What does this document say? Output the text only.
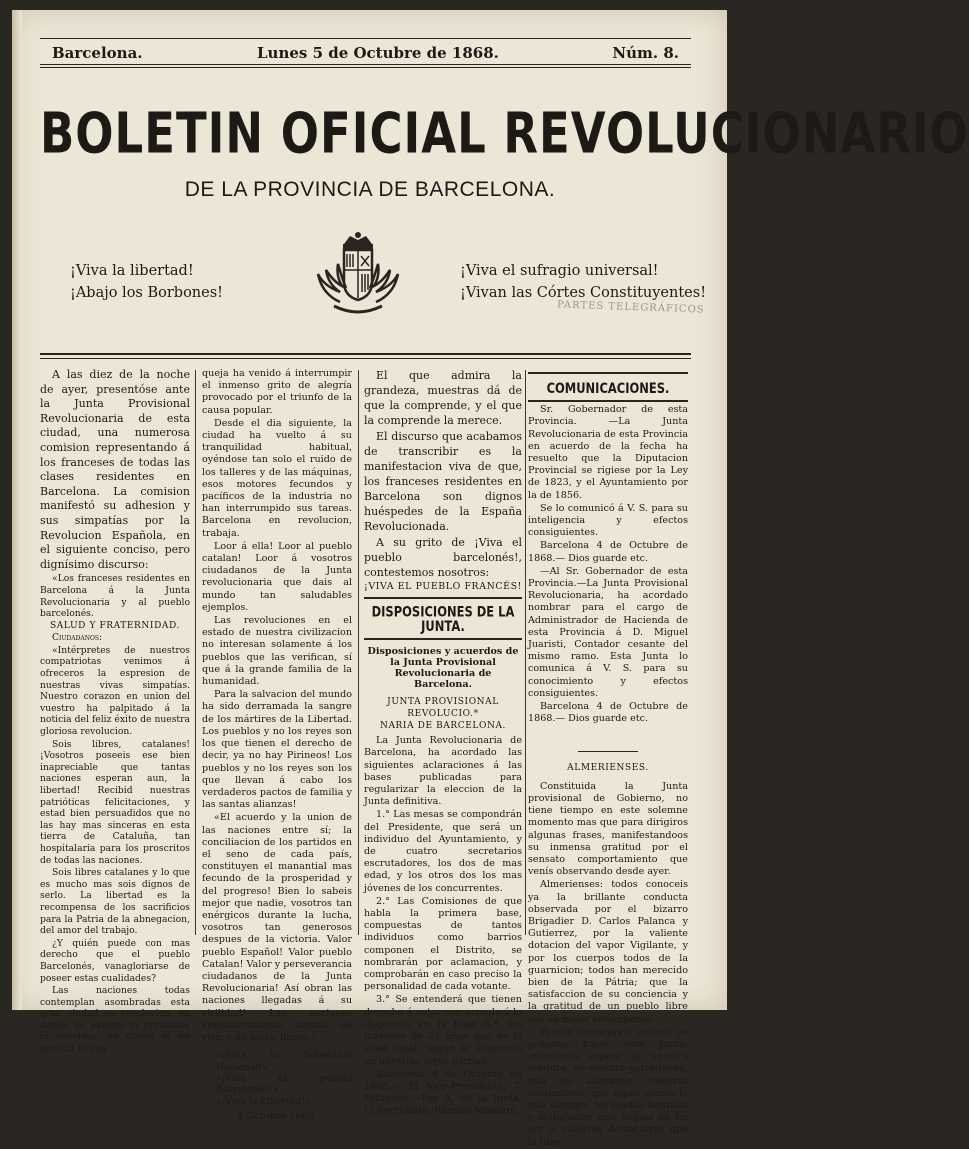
Barcelona.	Lunes 5 de Octubre de 1868.	Núm. 8.
BOLETIN OFICIAL REVOLUCIONARIO
DE LA PROVINCIA DE BARCELONA.
¡Viva la libertad!
¡Abajo los Borbones!
¡Viva el sufragio universal!
¡Vivan las Córtes Constituyentes!
PARTES TELEGRÁFICOS

A las diez de la noche de ayer, presentóse ante la Junta Provisional Revolucionaria de esta ciudad, una numerosa comision representando á los franceses de todas las clases residentes en Barcelona. La comision manifestó su adhesion y sus simpatías por la Revolucion Española, en el siguiente conciso, pero dignísimo discurso:

«Los franceses residentes en Barcelona á la Junta Revolucionaria y al pueblo barcelonés.

SALUD Y FRATERNIDAD.

Ciudadanos:

«Intérpretes de nuestros compatriotas venimos á ofreceros la espresion de nuestras vivas simpatías. Nuestro corazon en union del vuestro ha palpitado á la noticia del feliz éxito de nuestra gloriosa revolucion.

Sois libres, catalanes! ¡Vosotros poseeis ese bien inapreciable que tantas naciones esperan aun, la libertad! Recibid nuestras patrióticas felicitaciones, y estad bien persuadidos que no las hay mas sinceras en esta tierra de Cataluña, tan hospitalaria para los proscritos de todas las naciones.

Sois libres catalanes y lo que es mucho mas sois dignos de serlo. La libertad es la recompensa de los sacrificios para la Patria de la abnegacion, del amor del trabajo.

¿Y quién puede con mas derecho que el pueblo Barcelonés, vanagloriarse de poseer estas cualidades?

Las naciones todas contemplan asombradas esta gran ciudad en revolucion, en donde no existen ni oprimidos ni vencidos, en donde ni un gemido ni una

queja ha venido á interrumpir el inmenso grito de alegría provocado por el triunfo de la causa popular.

Desde el dia siguiente, la ciudad ha vuelto á su tranquilidad habitual, oyéndose tan solo el ruido de los talleres y de las máquinas, esos motores fecundos y pacíficos de la industria no han interrumpido sus tareas. Barcelona en revolucion, trabaja.

Loor á ella! Loor al pueblo catalan! Loor á vosotros ciudadanos de la Junta revolucionaria que dais al mundo tan saludables ejemplos.

Las revoluciones en el estado de nuestra civilizacion no interesan solamente á los pueblos que las verifican, sí que á la grande familia de la humanidad.

Para la salvacion del mundo ha sido derramada la sangre de los mártires de la Libertad. Los pueblos y no los reyes son los que tienen el derecho de decir, ya no hay Pirineos! Los pueblos y no los reyes son los que llevan á cabo los verdaderos pactos de familia y las santas alianzas!

«El acuerdo y la union de las naciones entre sí; la conciliacion de los partidos en el seno de cada país, constituyen el manantial mas fecundo de la prosperidad y del progreso! Bien lo sabeis mejor que nadie, vosotros tan enérgicos durante la lucha, vosotros tan generosos despues de la victoria. Valor pueblo Español! Valor pueblo Catalan! Valor y perseverancia ciudadanos de la Junta Revolucionaria! Así obran las naciones llegadas á su virilidad! Las naciones verdaderamente dignas de vivir y de morir libres.»

«¡Viva la Soberanía Nacional!»
«¡Viva el pueblo Barcelonés!»
«¡Viva la Libertad!»
4 Octubre 1868.

El que admira la grandeza, muestras dá de que la comprende, y el que la comprende la merece.

El discurso que acabamos de transcribir es la manifestacion viva de que, los franceses residentes en Barcelona son dignos huéspedes de la España Revolucionada.

A su grito de ¡Viva el pueblo barcelonés!, contestemos nosotros:

¡VIVA EL PUEBLO FRANCÉS!
DISPOSICIONES DE LA JUNTA.
Disposiciones y acuerdos de la Junta Provisional Revolucionaria de Barcelona.
JUNTA PROVISIONAL REVOLUCIO.*
NARIA DE BARCELONA.

La Junta Revolucionaria de Barcelona, ha acordado las siguientes aclaraciones á las bases publicadas para regularizar la eleccion de la Junta definitiva.

1.° Las mesas se compondrán del Presidente, que será un individuo del Ayuntamiento, y de cuatro secretarios escrutadores, los dos de mas edad, y los otros dos los mas jóvenes de los concurrentes.

2.° Las Comisiones de que habla la primera base, compuestas de tantos individuos como barrios componen el Distrito, se nombrarán por aclamacion, y comprobarán en caso preciso la personalidad de cada votante.

3.° Se entenderá que tienen derecho á votar con arreglo á lo dispuesto en la base 6.ª, los mayores de 25 años que es la edad legal, segun lo dispuesto en nuestras leyes pátrias.

Barcelona 4 de Octubre de 1868.— El Vice-Presidente, T. Fabregas.—Por A. de la Junta, El Secretario, Rómulo Mascaró.

COMUNICACIONES.

Sr. Gobernador de esta Provincia. —La Junta Revolucionaria de esta Provincia en acuerdo de la fecha ha resuelto que la Diputacion Provincial se rigiese por la Ley de 1823, y el Ayuntamiento por la de 1856.

Se lo comunicó á V. S. para su inteligencia y efectos consiguientes.

Barcelona 4 de Octubre de 1868.— Dios guarde etc.

—Al Sr. Gobernador de esta Provincia.—La Junta Provisional Revolucionaria, ha acordado nombrar para el cargo de Administrador de Hacienda de esta Provincia á D. Miguel Juaristi, Contador cesante del mismo ramo. Esta Junta lo comunica á V. S. para su conocimiento y efectos consiguientes.

Barcelona 4 de Octubre de 1868.— Dios guarde etc.

ALMERIENSES.

Constituida la Junta provisional de Gobierno, no tiene tiempo en este solemne momento mas que para dirigiros algunas frases, manifestandoos su inmensa gratitud por el sensato comportamiento que venís observando desde ayer.

Almerienses: todos conoceis ya la brillante conducta observada por el bizarro Brigadier D. Carlos Palanca y Gutierrez, por la valiente dotacion del vapor Vigilante, y por los cuerpos todos de la guarnicion; todos han merecido bien de la Pátria; que la satisfaccion de su conciencia y la gratitud de un pueblo libre sea su mejor recompensa.

Pronto conocereis cuanto se propone hacer esta Junta: entretanto espera de vuestra cordura, de vuestro patriotismo, que no alterareis vuestras costumbres, que sigais siendo lo que siempre, un pueblo honrado y trabajador; que hagais en fin ver á vuestros detractores que la liber-
